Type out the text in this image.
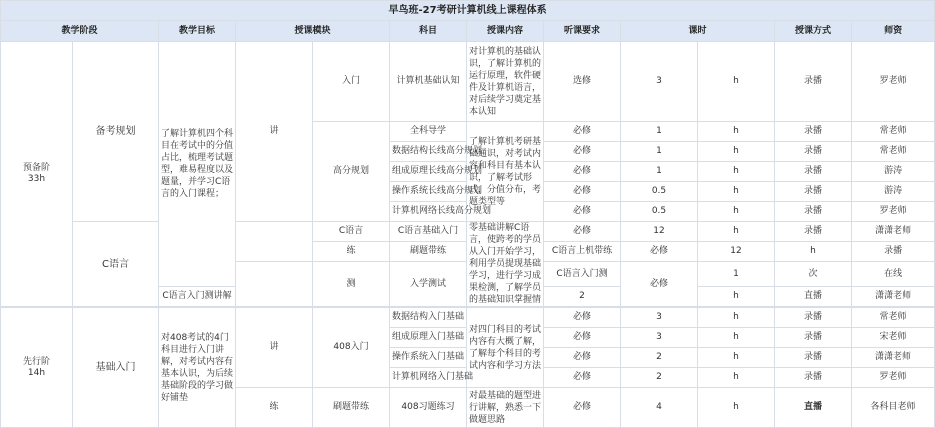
早鸟班-27考研计算机线上课程体系												
教学阶段		教学目标	授课模块		科目	授课内容	听课要求	课时		授课方式	师资	
预备阶
33h	备考规划	了解计算机四个科目在考试中的分值占比，梳理考试题型，难易程度以及题量，并学习C语言的入门课程；	讲	入门	计算机基础认知	对计算机的基础认识，了解计算机的运行原理，软件硬件及计算机语言，对后续学习奠定基本认知	选修	3	h	录播	罗老师	
				高分规划	全科导学	了解计算机考研基础通识，对考试内容和科目有基本认识，了解考试形式，分值分布，考题类型等	必修	1	h	录播	常老师	
					数据结构长线高分规划		必修	1	h	录播	常老师	
					组成原理长线高分规划		必修	1	h	录播	游涛	
					操作系统长线高分规划		必修	0.5	h	录播	游涛	
					计算机网络长线高分规划		必修	0.5	h	录播	罗老师	
	C语言			C语言	C语言基础入门	零基础讲解C语言，使跨考的学员从入门开始学习，利用学员提现基础学习，进行学习成果检测，了解学员的基础知识掌握情	必修	12	h	录播	潇潇老师	
				练	刷题带练		C语言上机带练	必修	12	h	录播	
				测	入学测试		C语言入门测	必修	1	次	在线	
		C语言入门测讲解					2		h	直播	潇潇老师	

先行阶
14h	基础入门	对408考试的4门科目进行入门讲解，对考试内容有基本认识，为后续基础阶段的学习做好铺垫	讲	408入门	数据结构入门基础	对四门科目的考试内容有大概了解，了解每个科目的考试内容和学习方法	必修	3	h	录播	常老师
					组成原理入门基础		必修	3	h	录播	宋老师
					操作系统入门基础		必修	2	h	录播	潇潇老师
					计算机网络入门基础		必修	2	h	录播	罗老师
			练	刷题带练	408习题练习	对最基础的题型进行讲解，熟悉一下做题思路	必修	4	h	直播	各科目老师
